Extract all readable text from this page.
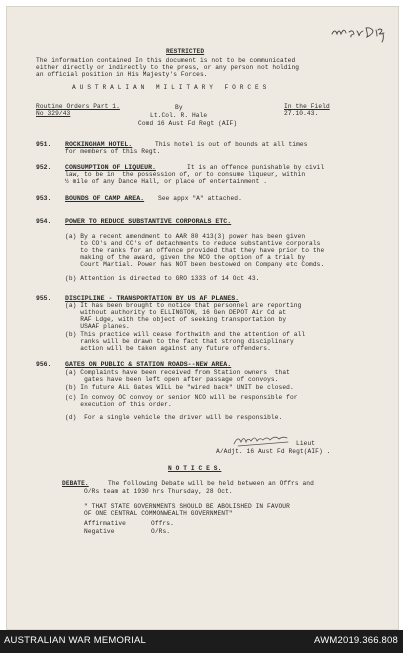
RESTRICTED
The information contained In this document is not to be communicated
either directly or indirectly to the press, or any person not holding
an official position in His Majesty's Forces.
A U S T R A L I A N   M I L I T A R Y   F O R C E S
Routine Orders Part 1.
No 329/43
By
Lt.Col. R. Hale
Comd 16 Aust Fd Regt (AIF)
In the Field
27.10.43.
951. ROCKINGHAM HOTEL.	This hotel is out of bounds at all times
for members of this Regt.
952. CONSUMPTION OF LIQUEUR.	It is an offence punishable by civil
law, to be in  the possession of, or to consume liqueur, within
½ mile of any Dance Hall, or place of entertainment .
953. BOUNDS OF CAMP AREA. See appx "A" attached.
954. POWER TO REDUCE SUBSTANTIVE CORPORALS ETC.
(a) By a recent amendment to AAR 80 413(3) power has been given
to CO's and CC's of detachments to reduce substantive corporals
to the ranks for an offence provided that they have prior to the
making of the award, given the NCO the option of a trial by
Court Martial. Power has NOT been bestowed on Company etc Comds.
(b) Attention is directed to GRO 1333 of 14 Oct 43.
955. DISCIPLINE - TRANSPORTATION BY US AF PLANES.
(a) It has been brought to notice that personnel are reporting
without authority to ELLINGTON, 16 Gen DEPOT Air Cd at
RAF Ldge, with the object of seeking transportation by
USAAF planes.
(b) This practice will cease forthwith and the attention of all
ranks will be drawn to the fact that strong disciplinary
action will be taken against any future offenders.
956. GATES ON PUBLIC & STATION ROADS--NEW AREA.
(a) Complaints have been received from Station owners  that
gates have been left open after passage of convoys.
(b) In future ALL Gates WILL be "wired back" UNIT be closed.
(c) In convoy OC convoy or senior NCO will be responsible for
execution of this order.
(d)  For a single vehicle the driver will be responsible.
Lieut
A/Adjt. 16 Aust Fd Regt(AIF) .
N O T I C E S.
DEBATE.	The following Debate will be held between an Offrs and
O/Rs team at 1930 hrs Thursday, 28 Oct.
" THAT STATE GOVERNMENTS SHOULD BE ABOLISHED IN FAVOUR
OF ONE CENTRAL COMMONWEALTH GOVERNMENT"
Affirmative	Offrs.
Negative	O/Rs.
AUSTRALIAN WAR MEMORIAL	AWM2019.366.808
